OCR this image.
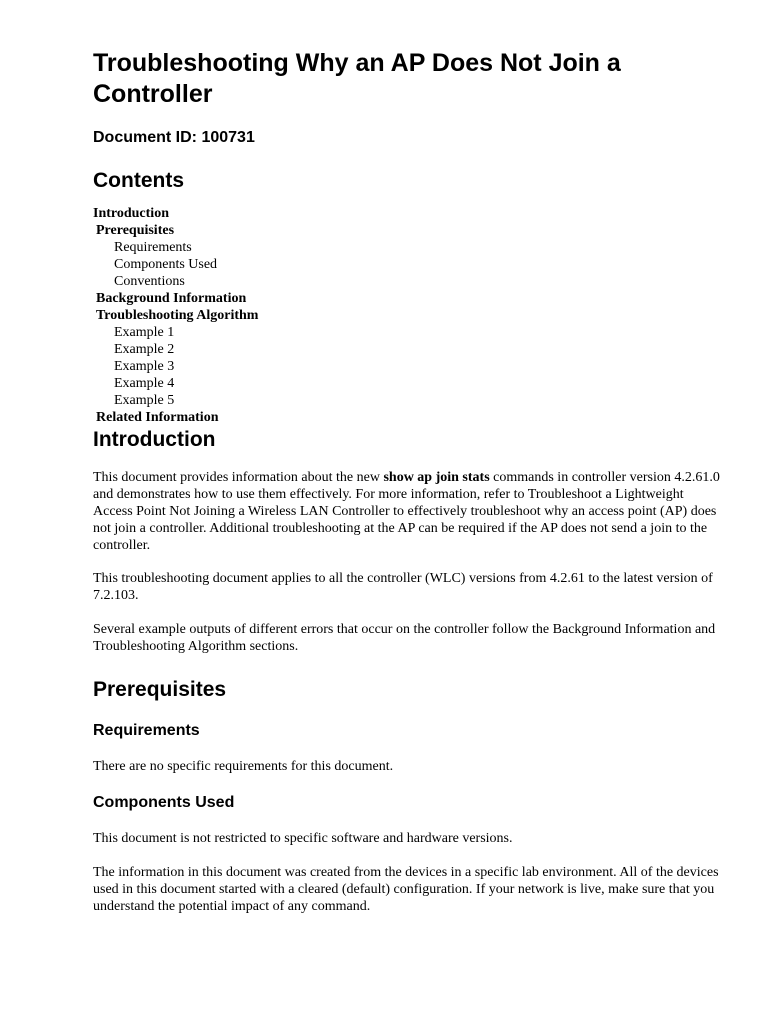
Troubleshooting Why an AP Does Not Join a Controller
Document ID: 100731
Contents
Introduction
Prerequisites
Requirements
Components Used
Conventions
Background Information
Troubleshooting Algorithm
Example 1
Example 2
Example 3
Example 4
Example 5
Related Information
Introduction

This document provides information about the new show ap join stats commands in controller version 4.2.61.0 and demonstrates how to use them effectively. For more information, refer to Troubleshoot a Lightweight Access Point Not Joining a Wireless LAN Controller to effectively troubleshoot why an access point (AP) does not join a controller. Additional troubleshooting at the AP can be required if the AP does not send a join to the controller.

This troubleshooting document applies to all the controller (WLC) versions from 4.2.61 to the latest version of 7.2.103.

Several example outputs of different errors that occur on the controller follow the Background Information and Troubleshooting Algorithm sections.

Prerequisites
Requirements

There are no specific requirements for this document.

Components Used

This document is not restricted to specific software and hardware versions.

The information in this document was created from the devices in a specific lab environment. All of the devices used in this document started with a cleared (default) configuration. If your network is live, make sure that you understand the potential impact of any command.
